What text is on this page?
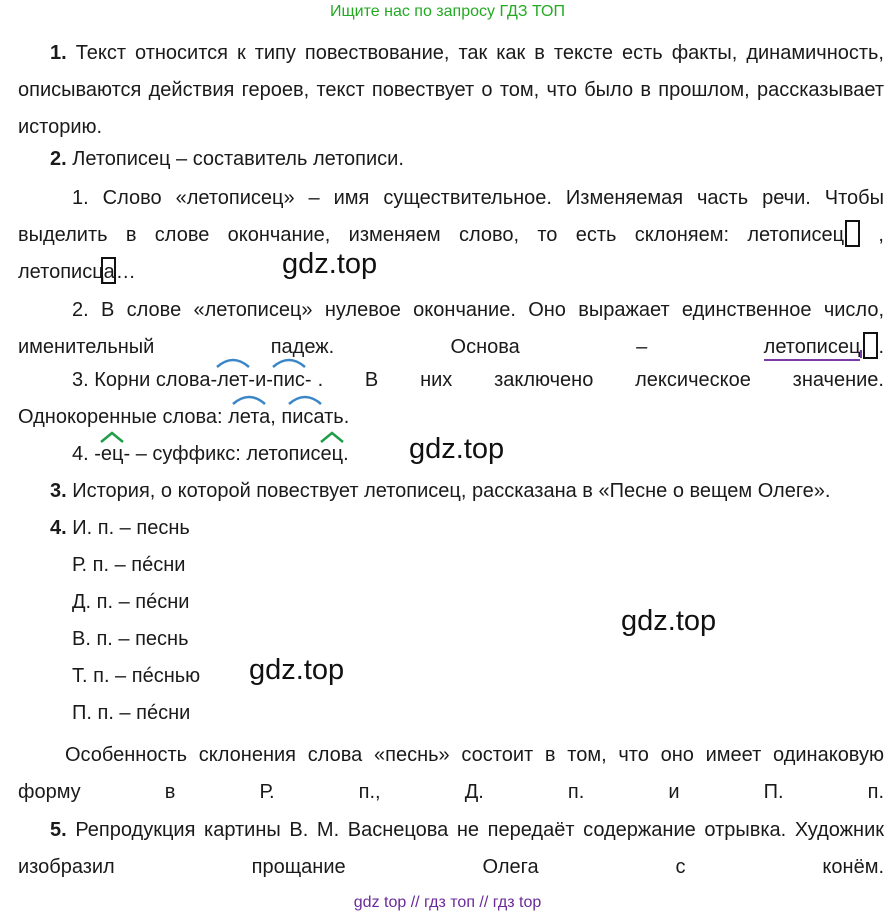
Ищите нас по запросу ГДЗ ТОП
1. Текст относится к типу повествование, так как в тексте есть факты, динамичность, описываются действия героев, текст повествует о том, что было в прошлом, рассказывает историю.
2. Летописец – составитель летописи.
1. Слово «летописец» – имя существительное. Изменяемая часть речи. Чтобы выделить в слове окончание, изменяем слово, то есть склоняем: летописец ,
летописца…
2. В слове «летописец» нулевое окончание. Оно выражает единственное число, именительный падеж. Основа –	летописец .
3. Корни слова -лет- и -пис- . В них заключено лексическое значение.
Однокоренные слова: лета, писать.
4. -ец- – суффикс: летопис
ец.
3. История, о которой повествует летописец, рассказана в «Песне о вещем Олеге».
4. И. п. – песнь
Р. п. – пéсни
Д. п. – пéсни
В. п. – песнь
Т. п. – пéснью
П. п. – пéсни
Особенность склонения слова «песнь» состоит в том, что оно имеет одинаковую форму в Р. п., Д. п. и П. п.
5. Репродукция картины В. М. Васнецова не передаёт содержание отрывка. Художник изобразил прощание Олега с конём.
gdz.top
gdz.top
gdz.top
gdz.top
gdz top // гдз топ // гдз top
